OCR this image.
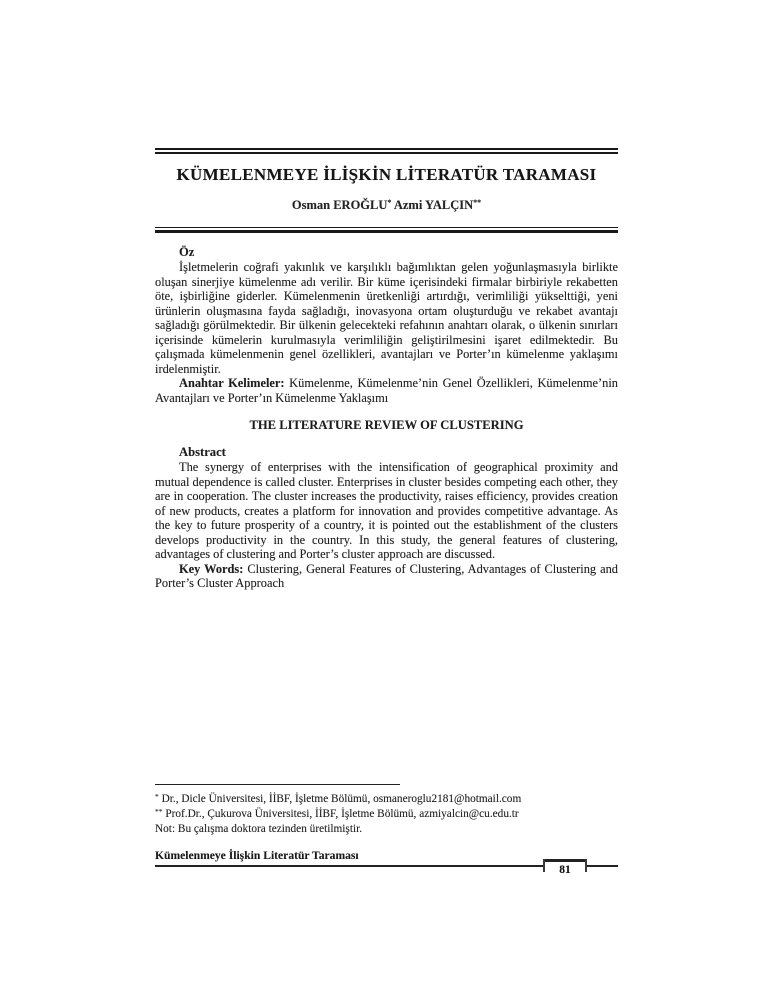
KÜMELENMEYE İLİŞKİN LİTERATÜR TARAMASI

Osman EROĞLU* Azmi YALÇIN**

Öz

İşletmelerin coğrafi yakınlık ve karşılıklı bağımlıktan gelen yoğunlaşmasıyla birlikte oluşan sinerjiye kümelenme adı verilir. Bir küme içerisindeki firmalar birbiriyle rekabetten öte, işbirliğine giderler. Kümelenmenin üretkenliği artırdığı, verimliliği yükselttiği, yeni ürünlerin oluşmasına fayda sağladığı, inovasyona ortam oluşturduğu ve rekabet avantajı sağladığı görülmektedir. Bir ülkenin gelecekteki refahının anahtarı olarak, o ülkenin sınırları içerisinde kümelerin kurulmasıyla verimliliğin geliştirilmesini işaret edilmektedir. Bu çalışmada kümelenmenin genel özellikleri, avantajları ve Porter’ın kümelenme yaklaşımı irdelenmiştir.

Anahtar Kelimeler: Kümelenme, Kümelenme’nin Genel Özellikleri, Kümelenme’nin Avantajları ve Porter’ın Kümelenme Yaklaşımı

THE LITERATURE REVIEW OF CLUSTERING

Abstract

The synergy of enterprises with the intensification of geographical proximity and mutual dependence is called cluster. Enterprises in cluster besides competing each other, they are in cooperation. The cluster increases the productivity, raises efficiency, provides creation of new products, creates a platform for innovation and provides competitive advantage. As the key to future prosperity of a country, it is pointed out the establishment of the clusters develops productivity in the country. In this study, the general features of clustering, advantages of clustering and Porter’s cluster approach are discussed.

Key Words: Clustering, General Features of Clustering, Advantages of Clustering and Porter’s Cluster Approach

* Dr., Dicle Üniversitesi, İİBF, İşletme Bölümü, osmaneroglu2181@hotmail.com

** Prof.Dr., Çukurova Üniversitesi, İİBF, İşletme Bölümü, azmiyalcin@cu.edu.tr

Not: Bu çalışma doktora tezinden üretilmiştir.

Kümelenmeye İlişkin Literatür Taraması

81
